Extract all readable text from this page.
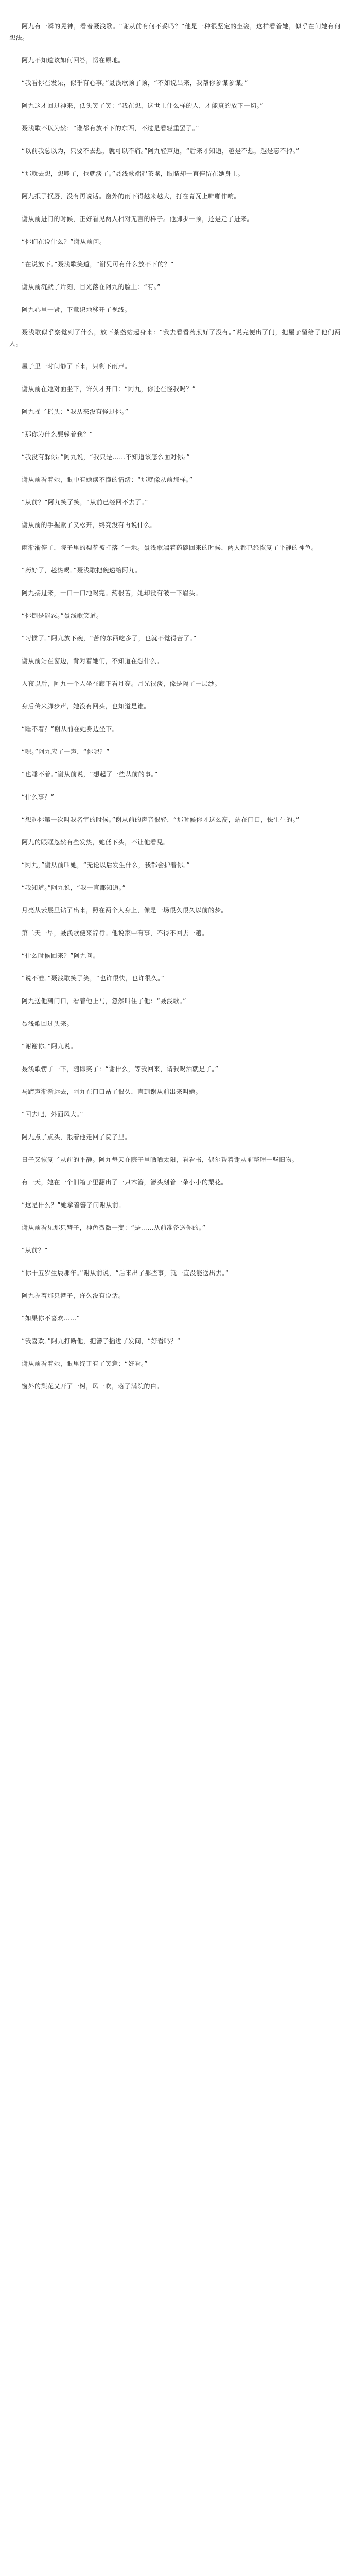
阿九有一瞬的晃神，看着聂浅歌。“谢从前有何不妥吗？”他是一种很坚定的坐姿，这样看着她，似乎在问她有何想法。

阿九不知道该如何回答，愣在原地。

“我看你在发呆，似乎有心事。”聂浅歌顿了顿，“不如说出来，我帮你参谋参谋。”

阿九这才回过神来，低头笑了笑：“我在想，这世上什么样的人，才能真的放下一切。”

聂浅歌不以为然：“谁都有放不下的东西，不过是看轻重罢了。”

“以前我总以为，只要不去想，就可以不痛。”阿九轻声道，“后来才知道，越是不想，越是忘不掉。”

“那就去想，想够了，也就淡了。”聂浅歌端起茶盏，眼睛却一直停留在她身上。

阿九抿了抿唇，没有再说话。窗外的雨下得越来越大，打在青瓦上噼啪作响。

谢从前进门的时候，正好看见两人相对无言的样子。他脚步一顿，还是走了进来。

“你们在说什么？”谢从前问。

“在说放下。”聂浅歌笑道，“谢兄可有什么放不下的？”

谢从前沉默了片刻，目光落在阿九的脸上：“有。”

阿九心里一紧，下意识地移开了视线。

聂浅歌似乎察觉到了什么，放下茶盏站起身来：“我去看看药煎好了没有。”说完便出了门，把屋子留给了他们两人。

屋子里一时间静了下来，只剩下雨声。

谢从前在她对面坐下，许久才开口：“阿九，你还在怪我吗？”

阿九摇了摇头：“我从来没有怪过你。”

“那你为什么要躲着我？”

“我没有躲你。”阿九说，“我只是……不知道该怎么面对你。”

谢从前看着她，眼中有她读不懂的情绪：“那就像从前那样。”

“从前？”阿九笑了笑，“从前已经回不去了。”

谢从前的手握紧了又松开，终究没有再说什么。

雨渐渐停了，院子里的梨花被打落了一地。聂浅歌端着药碗回来的时候，两人都已经恢复了平静的神色。

“药好了，趁热喝。”聂浅歌把碗递给阿九。

阿九接过来，一口一口地喝完。药很苦，她却没有皱一下眉头。

“你倒是能忍。”聂浅歌笑道。

“习惯了。”阿九放下碗，“苦的东西吃多了，也就不觉得苦了。”

谢从前站在窗边，背对着她们，不知道在想什么。

入夜以后，阿九一个人坐在廊下看月亮。月光很淡，像是隔了一层纱。

身后传来脚步声，她没有回头，也知道是谁。

“睡不着？”谢从前在她身边坐下。

“嗯。”阿九应了一声，“你呢？”

“也睡不着。”谢从前说，“想起了一些从前的事。”

“什么事？”

“想起你第一次叫我名字的时候。”谢从前的声音很轻，“那时候你才这么高，站在门口，怯生生的。”

阿九的眼眶忽然有些发热，她低下头，不让他看见。

“阿九，”谢从前叫她，“无论以后发生什么，我都会护着你。”

“我知道。”阿九说，“我一直都知道。”

月亮从云层里钻了出来，照在两个人身上，像是一场很久很久以前的梦。

第二天一早，聂浅歌便来辞行。他说家中有事，不得不回去一趟。

“什么时候回来？”阿九问。

“说不准。”聂浅歌笑了笑，“也许很快，也许很久。”

阿九送他到门口，看着他上马，忽然叫住了他：“聂浅歌。”

聂浅歌回过头来。

“谢谢你。”阿九说。

聂浅歌愣了一下，随即笑了：“谢什么，等我回来，请我喝酒就是了。”

马蹄声渐渐远去，阿九在门口站了很久，直到谢从前出来叫她。

“回去吧，外面风大。”

阿九点了点头，跟着他走回了院子里。

日子又恢复了从前的平静。阿九每天在院子里晒晒太阳，看看书，偶尔帮着谢从前整理一些旧物。

有一天，她在一个旧箱子里翻出了一只木簪，簪头刻着一朵小小的梨花。

“这是什么？”她拿着簪子问谢从前。

谢从前看见那只簪子，神色微微一变：“是……从前准备送你的。”

“从前？”

“你十五岁生辰那年。”谢从前说，“后来出了那些事，就一直没能送出去。”

阿九握着那只簪子，许久没有说话。

“如果你不喜欢……”

“我喜欢。”阿九打断他，把簪子插进了发间，“好看吗？”

谢从前看着她，眼里终于有了笑意：“好看。”

窗外的梨花又开了一树，风一吹，落了满院的白。
